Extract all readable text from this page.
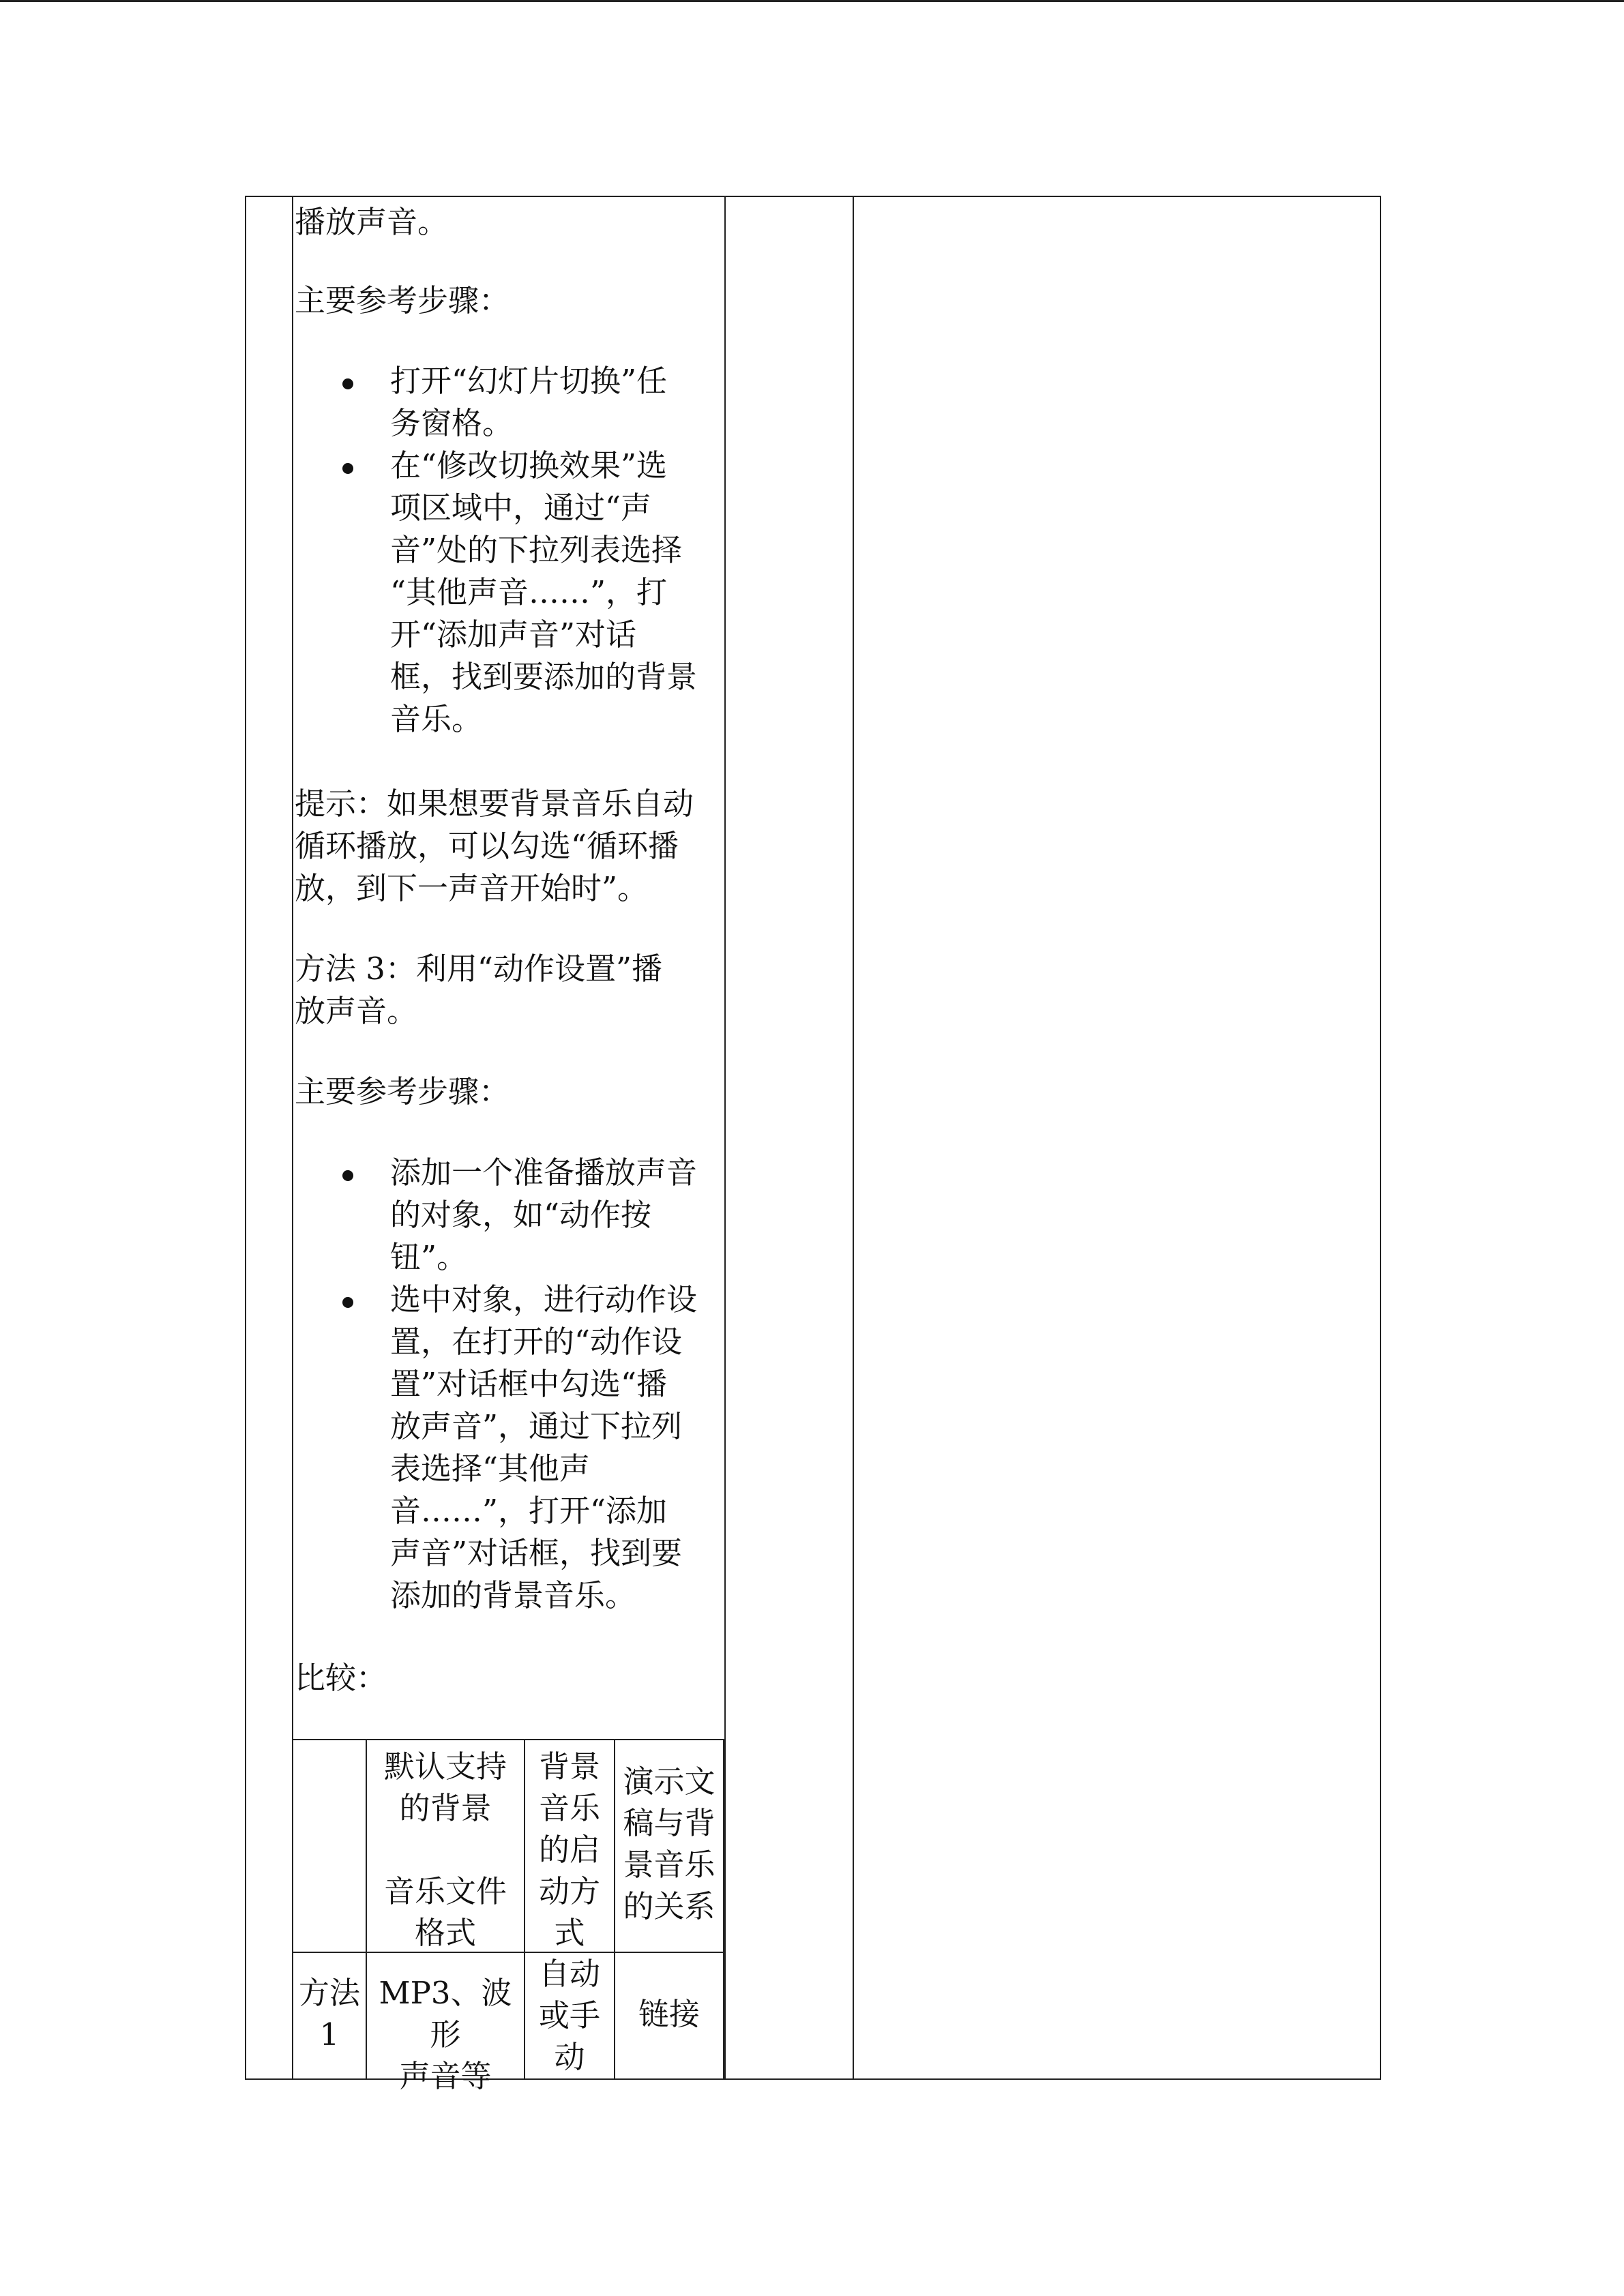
播放声音。
主要参考步骤：
打开“幻灯片切换”任
务窗格。
在“修改切换效果”选
项区域中，通过“声
音”处的下拉列表选择
“其他声音……”，打
开“添加声音”对话
框，找到要添加的背景
音乐。
提示：如果想要背景音乐自动
循环播放，可以勾选“循环播
放，到下一声音开始时”。
方法 3：利用“动作设置”播
放声音。
主要参考步骤：
添加一个准备播放声音
的对象，如“动作按
钮”。
选中对象，进行动作设
置，在打开的“动作设
置”对话框中勾选“播
放声音”，通过下拉列
表选择“其他声
音……”，打开“添加
声音”对话框，找到要
添加的背景音乐。
比较：
默认支持
的背景
音乐文件
格式
背景
音乐
的启
动方
式
演示文
稿与背
景音乐
的关系
方法
1
MP3、波形
声音等
自动
或手
动
链接
